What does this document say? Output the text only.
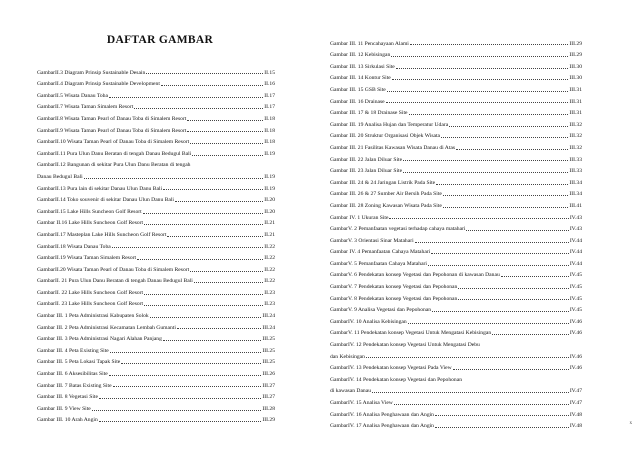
DAFTAR GAMBAR
GambarII.3 Diagram Prinsip Sustainable Desain	II.15
GambarII.4 Diagram Prinsip Sustainable Development	II.16
GambarII.5 Wisata Danau Toba	II.17
GambarII.7 Wisata Taman Simalem Resort	II.17
GambarII.8 Wisata Taman Pearl of Danau Toba di Simalem Resort	II.18
GambarII.9 Wisata Taman Pearl of Danau Toba di Simalem Resort	II.18
GambarII.10 Wisata Taman Pearl of Danau Toba di Simalem Resort	II.18
GambarII.11 Pura Ulun Danu Beratan di tengah Danau Bedugul Bali	II.19
GambarII.12 Bangunan di sekitar Pura Ulun Danu Beratan di tengah
Danau Bedugul Bali	II.19
GambarII.13 Pura lain di sekitar Danau Ulun Danu Bali	II.19
GambarII.14 Toko souvenir di sekitar Danau Ulun Danu Bali	II.20
GambarII.15 Lake Hills Suncheon Golf Resort	II.20
Gambar II.16 Lake Hills Suncheon Golf Resort	II.21
GambarII.17 Masteplan Lake Hills Suncheon Golf Resort	II.21
GambarII.18 Wisata Danau Toba	II.22
GambarII.19 Wisata Taman Simalem Resort	II.22
GambarII.20 Wisata Taman Pearl of Danau Toba di Simalem Resort	II.22
GambarII. 21 Pura Ulun Danu Beratan di tengah Danau Bedugul Bali	II.22
GambarII. 22 Lake Hills Suncheon Golf Resort	II.23
GambarII. 23 Lake Hills Suncheon Golf Resort	II.23
Gambar III. 1 Peta Administrasi Kabupaten Solok	III.24
Gambar III. 2 Peta Administrasi Kecamatan Lembah Gumanti	III.24
Gambar III. 3 Peta Administrasi Nagari Alahan Panjang	III.25
Gambar III. 4 Peta Existing Site	III.25
Gambar III. 5 Peta Lokasi Tapak Site	III.25
Gambar III. 6 Aksesibilitas Site	III.26
Gambar III. 7 Batas Existing Site	III.27
Gambar III. 8 Vegetasi Site	III.27
Gambar III. 9 View Site	III.28
Gambar III. 10 Arah Angin	III.29
Gambar III. 11 Pencahayaan Alami	III.29
Gambar III. 12 Kebisingan	III.29
Gambar III. 13 Sirkulasi Site	III.30
Gambar III. 14 Kontur Site	III.30
Gambar III. 15 GSB Site	III.31
Gambar III. 16 Drainase	III.31
Gambar III. 17 & 18 Drainase Site	III.31
Gambar III. 19 Analisa Hujan dan Temperatur Udara	III.32
Gambar III. 20 Struktur Organisasi Objek Wisata	III.32
Gambar III. 21 Fasilitas Kawasan Wisata Danau di Atas	III.32
Gambar III. 22 Jalan Diluar Site	III.33
Gambar III. 23 Jalan Diluar Site	III.33
Gambar III. 24 & 24 Jaringan Listrik Pada Site	III.34
Gambar III. 26 & 27 Sumber Air Bersih Pada Site	III.34
Gambar III. 28 Zoning Kawasan Wisata Pada Site	III.41
Gambar IV. 1 Ukuran Site	IV.43
GambarV. 2 Pemanfaatan vegetasi terhadap cahaya matahari	IV.43
GambarV. 3 Orientasi Sinar Matahari	IV.44
Gambar IV. 4 Pemanfaatan Cahaya Matahari	IV.44
GambarV. 5 Pemanfaatan Cahaya Matahari	IV.44
GambarV. 6 Pendekatan konsep Vegetasi dan Pepohonan di kawasan Danau	IV.45
GambarV. 7 Pendekatan konsep Vegetasi dan Pepohonan	IV.45
GambarV. 8 Pendekatan konsep Vegetasi dan Pepohonan	IV.45
GambarV. 9 Analisa Vegetasi dan Pepohonan	IV.45
GambarIV. 10 Analisa Kebisingan	IV.46
GambarV. 11 Pendekatan konsep Vegetasi Untuk Mengatasi Kebisingan	IV.46
GambarIV. 12 Pendekatan konsep Vegetasi Untuk Mengatasi Debu
dan Kebisingan	IV.46
GambarIV. 13 Pendekatan konsep Vegetasi Pada View	IV.46
GambarIV. 14 Pendekatan konsep Vegetasi dan Pepohonan
di kawasan Danau	IV.47
GambarIV. 15 Analisa View	IV.47
GambarIV. 16 Analisa Penghawaan dan Angin	IV.48
GambarIV. 17 Analisa Penghawaan dan Angin	IV.48	x
